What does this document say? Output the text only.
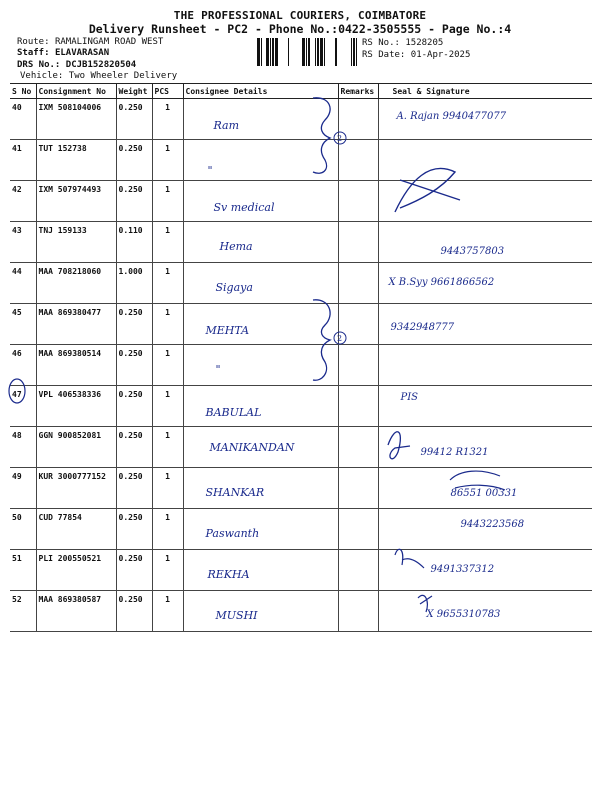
THE PROFESSIONAL COURIERS, COIMBATORE
Delivery Runsheet - PC2 - Phone No.:0422-3505555 - Page No.:4
Route: RAMALINGAM ROAD WEST
Staff: ELAVARASAN
DRS No.: DCJB152820504
Vehicle: Two Wheeler Delivery
RS No.: 1528205
RS Date: 01-Apr-2025
S No	Consignment No	Weight	PCS	Consignee Details	Remarks	Seal & Signature
40	IXM 508104006	0.250	1	Ram		A. Rajan 9940477077
41	TUT 152738	0.250	1	"		
42	IXM 507974493	0.250	1	Sv medical		
43	TNJ 159133	0.110	1	Hema		9443757803
44	MAA 708218060	1.000	1	Sigaya		X B.Syy 9661866562
45	MAA 869380477	0.250	1	MEHTA		9342948777
46	MAA 869380514	0.250	1	"		
47	VPL 406538336	0.250	1	BABULAL		PIS
48	GGN 900852081	0.250	1	MANIKANDAN		99412 R1321
49	KUR 3000777152	0.250	1	SHANKAR		86551 00331
50	CUD 77854	0.250	1	Paswanth		9443223568
51	PLI 200550521	0.250	1	REKHA		9491337312
52	MAA 869380587	0.250	1	MUSHI		X 9655310783
2
2
